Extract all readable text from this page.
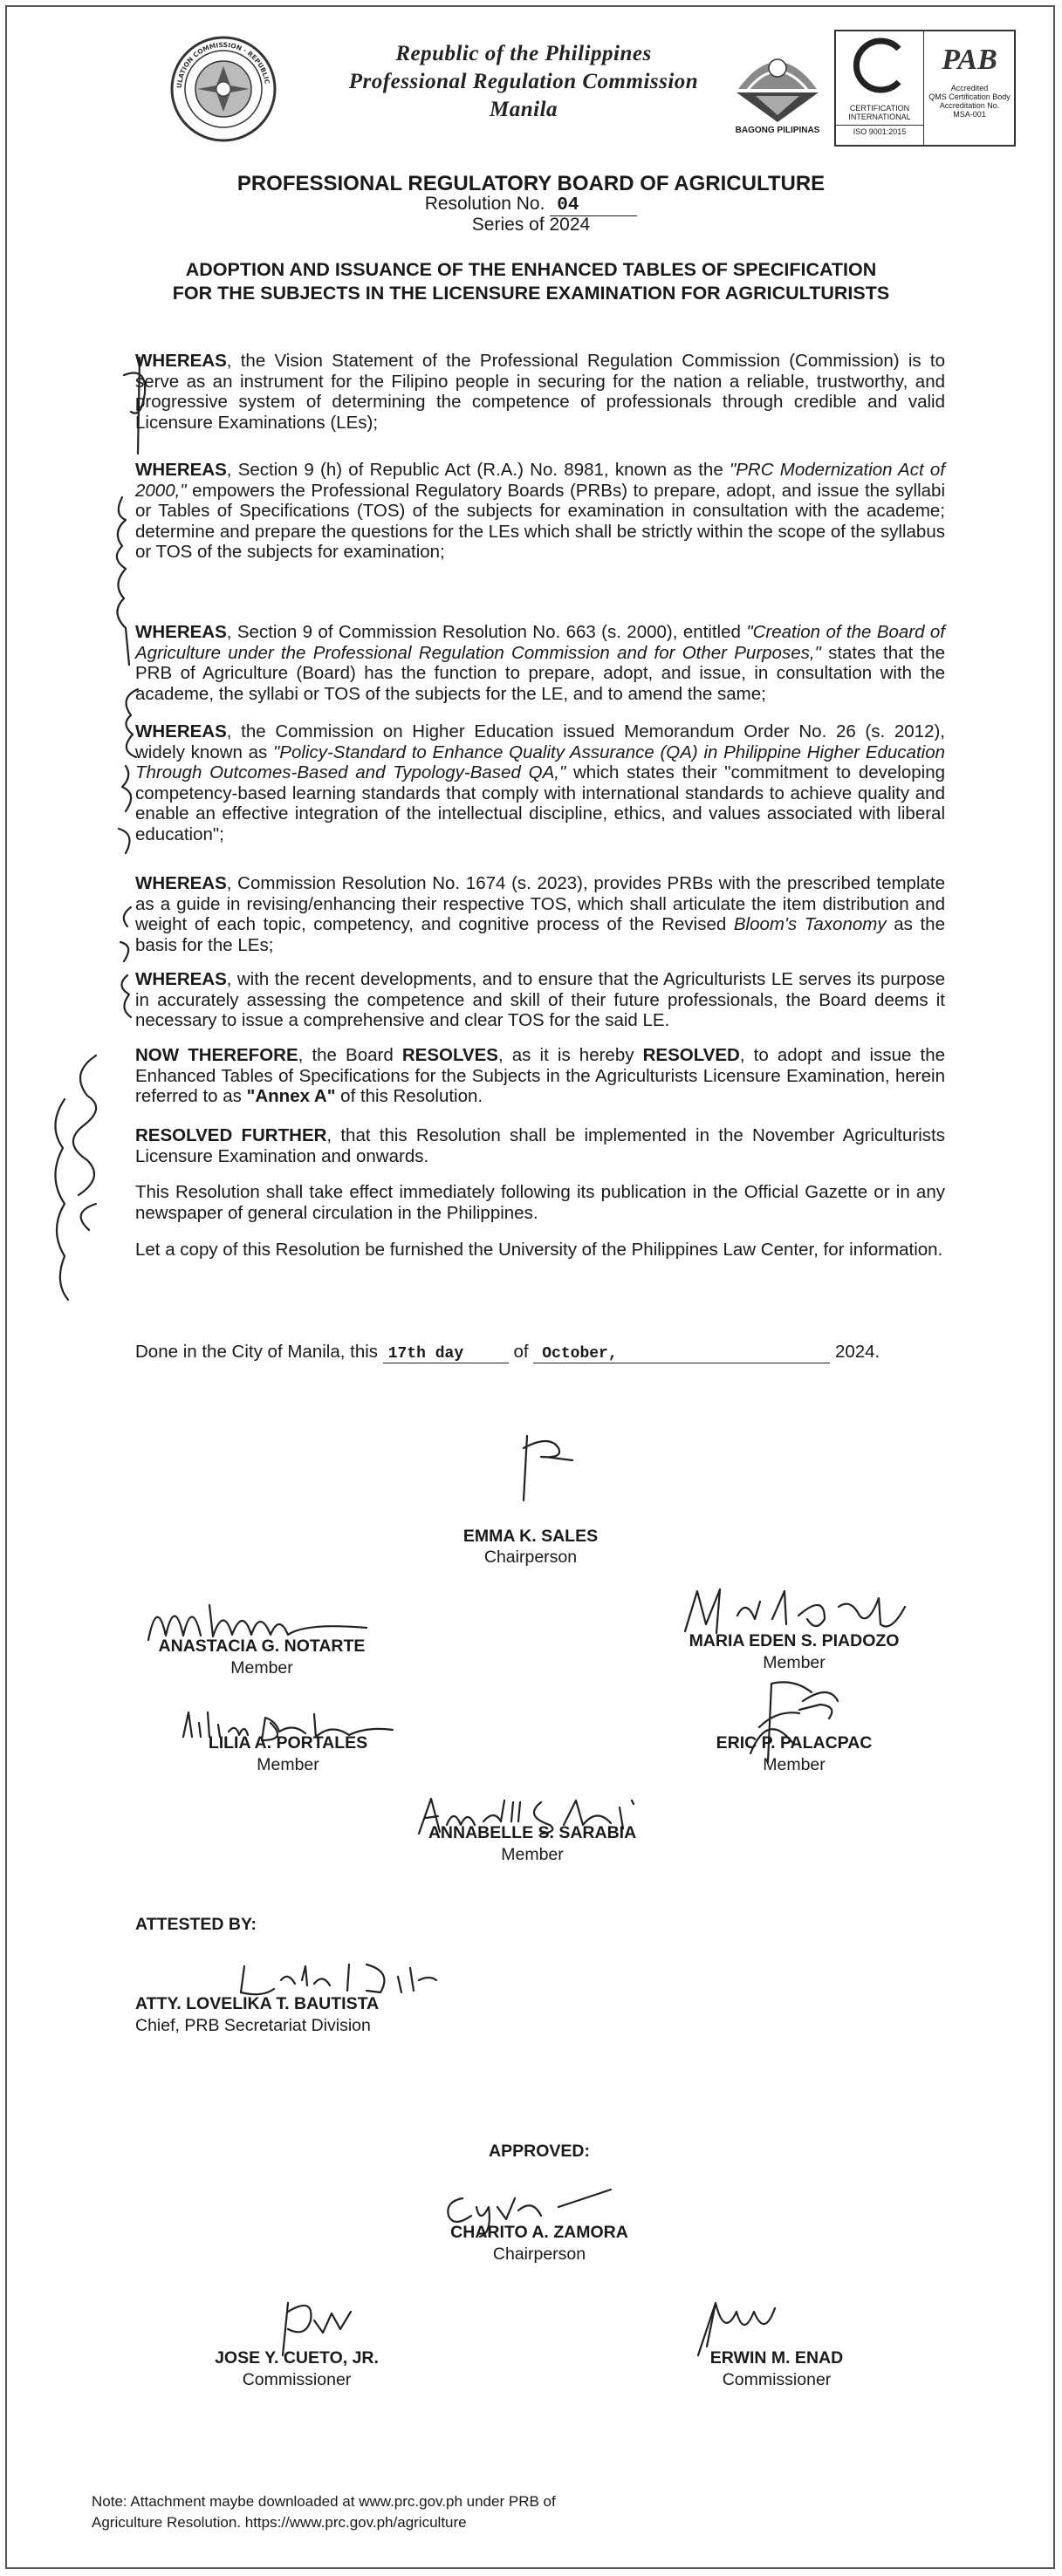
ULATION COMMISSION · REPUBLIC
Republic of the Philippines
Professional Regulation Commission
Manila
BAGONG PILIPINAS
CERTIFICATION
INTERNATIONAL
ISO 9001:2015
PAB
Accredited
QMS Certification Body
Accreditation No.
MSA-001
PROFESSIONAL REGULATORY BOARD OF AGRICULTURE
Resolution No. 04
Series of 2024
ADOPTION AND ISSUANCE OF THE ENHANCED TABLES OF SPECIFICATION
FOR THE SUBJECTS IN THE LICENSURE EXAMINATION FOR AGRICULTURISTS
WHEREAS, the Vision Statement of the Professional Regulation Commission (Commission) is to serve as an instrument for the Filipino people in securing for the nation a reliable, trustworthy, and progressive system of determining the competence of professionals through credible and valid Licensure Examinations (LEs);
WHEREAS, Section 9 (h) of Republic Act (R.A.) No. 8981, known as the "PRC Modernization Act of 2000," empowers the Professional Regulatory Boards (PRBs) to prepare, adopt, and issue the syllabi or Tables of Specifications (TOS) of the subjects for examination in consultation with the academe; determine and prepare the questions for the LEs which shall be strictly within the scope of the syllabus or TOS of the subjects for examination;
WHEREAS, Section 9 of Commission Resolution No. 663 (s. 2000), entitled "Creation of the Board of Agriculture under the Professional Regulation Commission and for Other Purposes," states that the PRB of Agriculture (Board) has the function to prepare, adopt, and issue, in consultation with the academe, the syllabi or TOS of the subjects for the LE, and to amend the same;
WHEREAS, the Commission on Higher Education issued Memorandum Order No. 26 (s. 2012), widely known as "Policy-Standard to Enhance Quality Assurance (QA) in Philippine Higher Education Through Outcomes-Based and Typology-Based QA," which states their "commitment to developing competency-based learning standards that comply with international standards to achieve quality and enable an effective integration of the intellectual discipline, ethics, and values associated with liberal education";
WHEREAS, Commission Resolution No. 1674 (s. 2023), provides PRBs with the prescribed template as a guide in revising/enhancing their respective TOS, which shall articulate the item distribution and weight of each topic, competency, and cognitive process of the Revised Bloom's Taxonomy as the basis for the LEs;
WHEREAS, with the recent developments, and to ensure that the Agriculturists LE serves its purpose in accurately assessing the competence and skill of their future professionals, the Board deems it necessary to issue a comprehensive and clear TOS for the said LE.
NOW THEREFORE, the Board RESOLVES, as it is hereby RESOLVED, to adopt and issue the Enhanced Tables of Specifications for the Subjects in the Agriculturists Licensure Examination, herein referred to as "Annex A" of this Resolution.
RESOLVED FURTHER, that this Resolution shall be implemented in the November Agriculturists Licensure Examination and onwards.
This Resolution shall take effect immediately following its publication in the Official Gazette or in any newspaper of general circulation in the Philippines.
Let a copy of this Resolution be furnished the University of the Philippines Law Center, for information.
Done in the City of Manila, this 17th day	of October,	2024.
EMMA K. SALES
Chairperson
ANASTACIA G. NOTARTE
Member
MARIA EDEN S. PIADOZO
Member
LILIA A. PORTALES
Member
ERIC P. PALACPAC
Member
ANNABELLE S. SARABIA
Member
ATTESTED BY:
ATTY. LOVELIKA T. BAUTISTA
Chief, PRB Secretariat Division
APPROVED:
CHARITO A. ZAMORA
Chairperson
JOSE Y. CUETO, JR.
Commissioner
ERWIN M. ENAD
Commissioner
Note: Attachment maybe downloaded at www.prc.gov.ph under PRB of
Agriculture Resolution. https://www.prc.gov.ph/agriculture
